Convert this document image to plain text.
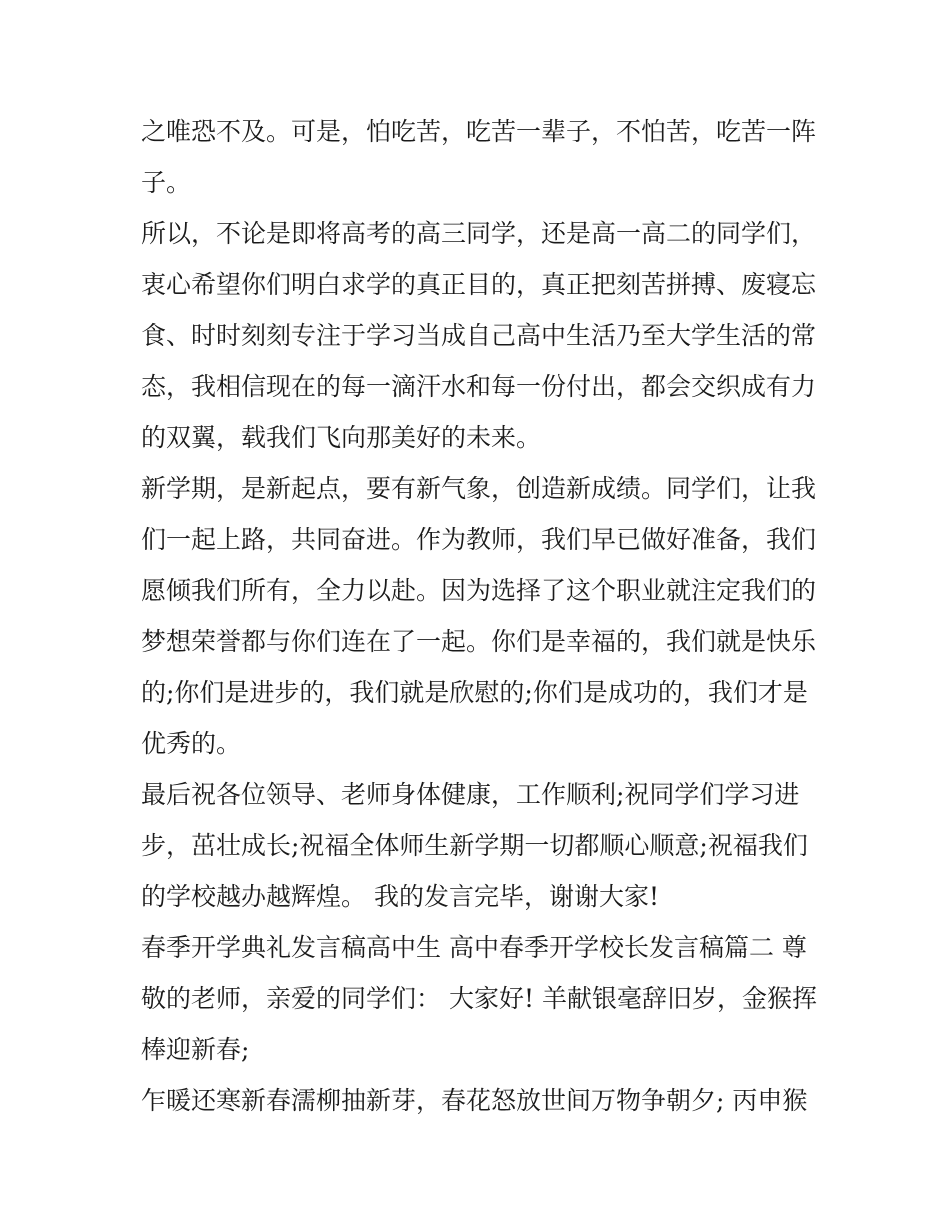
之唯恐不及。可是，怕吃苦，吃苦一辈子，不怕苦，吃苦一阵
子。
所以，不论是即将高考的高三同学，还是高一高二的同学们，
衷心希望你们明白求学的真正目的，真正把刻苦拼搏、废寝忘
食、时时刻刻专注于学习当成自己高中生活乃至大学生活的常
态，我相信现在的每一滴汗水和每一份付出，都会交织成有力
的双翼，载我们飞向那美好的未来。
新学期，是新起点，要有新气象，创造新成绩。同学们，让我
们一起上路，共同奋进。作为教师，我们早已做好准备，我们
愿倾我们所有，全力以赴。因为选择了这个职业就注定我们的
梦想荣誉都与你们连在了一起。你们是幸福的，我们就是快乐
的;你们是进步的，我们就是欣慰的;你们是成功的，我们才是
优秀的。
最后祝各位领导、老师身体健康，工作顺利;祝同学们学习进
步，茁壮成长;祝福全体师生新学期一切都顺心顺意;祝福我们
的学校越办越辉煌。 我的发言完毕，谢谢大家!
春季开学典礼发言稿高中生 高中春季开学校长发言稿篇二 尊
敬的老师，亲爱的同学们： 大家好! 羊献银毫辞旧岁，金猴挥
棒迎新春;
乍暖还寒新春濡柳抽新芽，春花怒放世间万物争朝夕; 丙申猴
